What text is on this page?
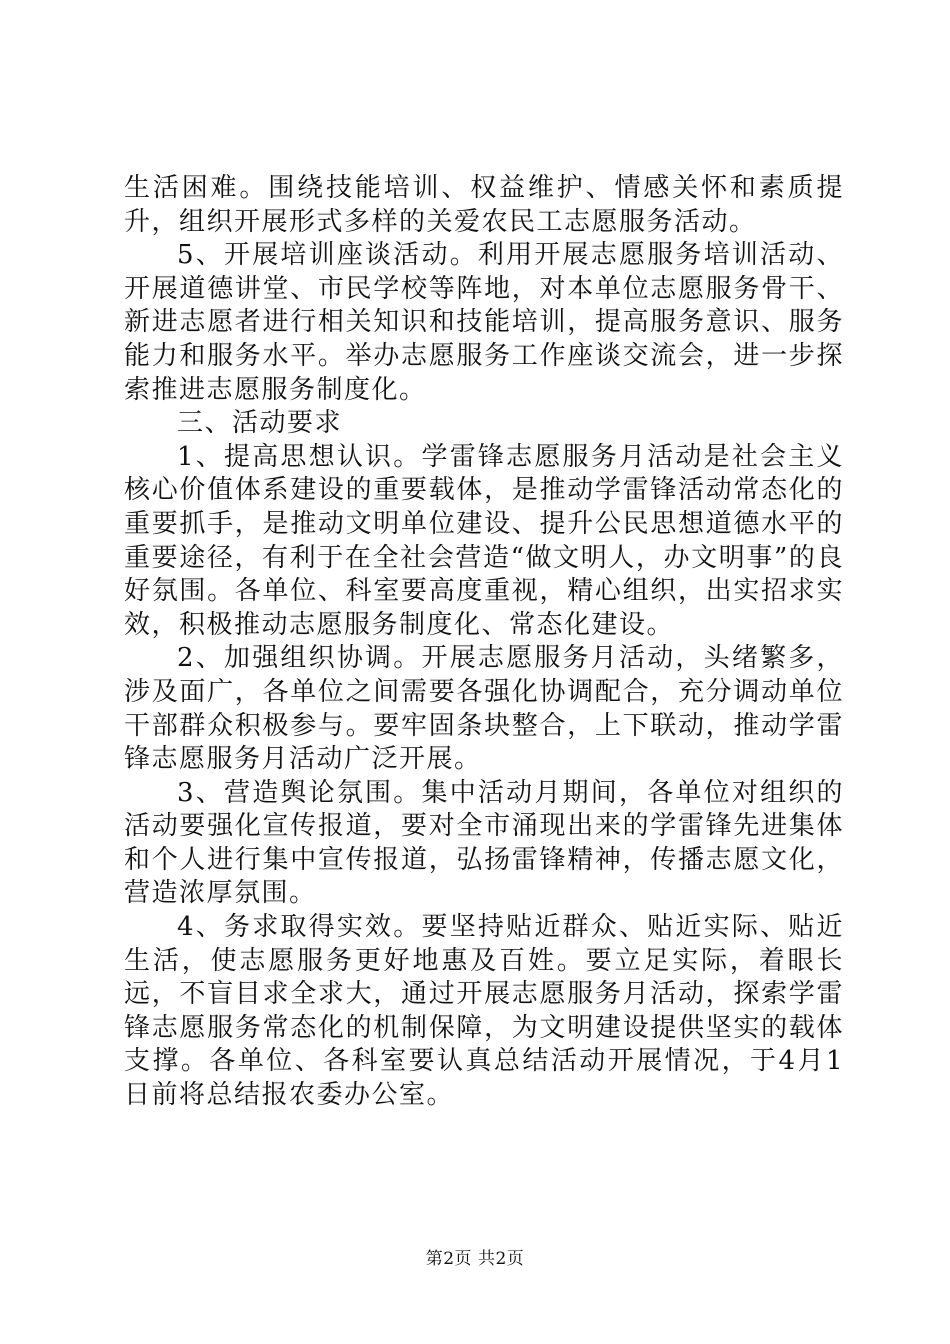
生活困难。围绕技能培训、权益维护、情感关怀和素质提升，组织开展形式多样的关爱农民工志愿服务活动。

5、开展培训座谈活动。利用开展志愿服务培训活动、开展道德讲堂、市民学校等阵地，对本单位志愿服务骨干、新进志愿者进行相关知识和技能培训，提高服务意识、服务能力和服务水平。举办志愿服务工作座谈交流会，进一步探索推进志愿服务制度化。

三、活动要求

1、提高思想认识。学雷锋志愿服务月活动是社会主义核心价值体系建设的重要载体，是推动学雷锋活动常态化的重要抓手，是推动文明单位建设、提升公民思想道德水平的重要途径，有利于在全社会营造“做文明人，办文明事”的良好氛围。各单位、科室要高度重视，精心组织，出实招求实效，积极推动志愿服务制度化、常态化建设。

2、加强组织协调。开展志愿服务月活动，头绪繁多，涉及面广，各单位之间需要各强化协调配合，充分调动单位干部群众积极参与。要牢固条块整合，上下联动，推动学雷锋志愿服务月活动广泛开展。

3、营造舆论氛围。集中活动月期间，各单位对组织的活动要强化宣传报道，要对全市涌现出来的学雷锋先进集体和个人进行集中宣传报道，弘扬雷锋精神，传播志愿文化，营造浓厚氛围。

4、务求取得实效。要坚持贴近群众、贴近实际、贴近生活，使志愿服务更好地惠及百姓。要立足实际，着眼长远，不盲目求全求大，通过开展志愿服务月活动，探索学雷锋志愿服务常态化的机制保障，为文明建设提供坚实的载体支撑。各单位、各科室要认真总结活动开展情况，于4月1日前将总结报农委办公室。

第2页 共2页
